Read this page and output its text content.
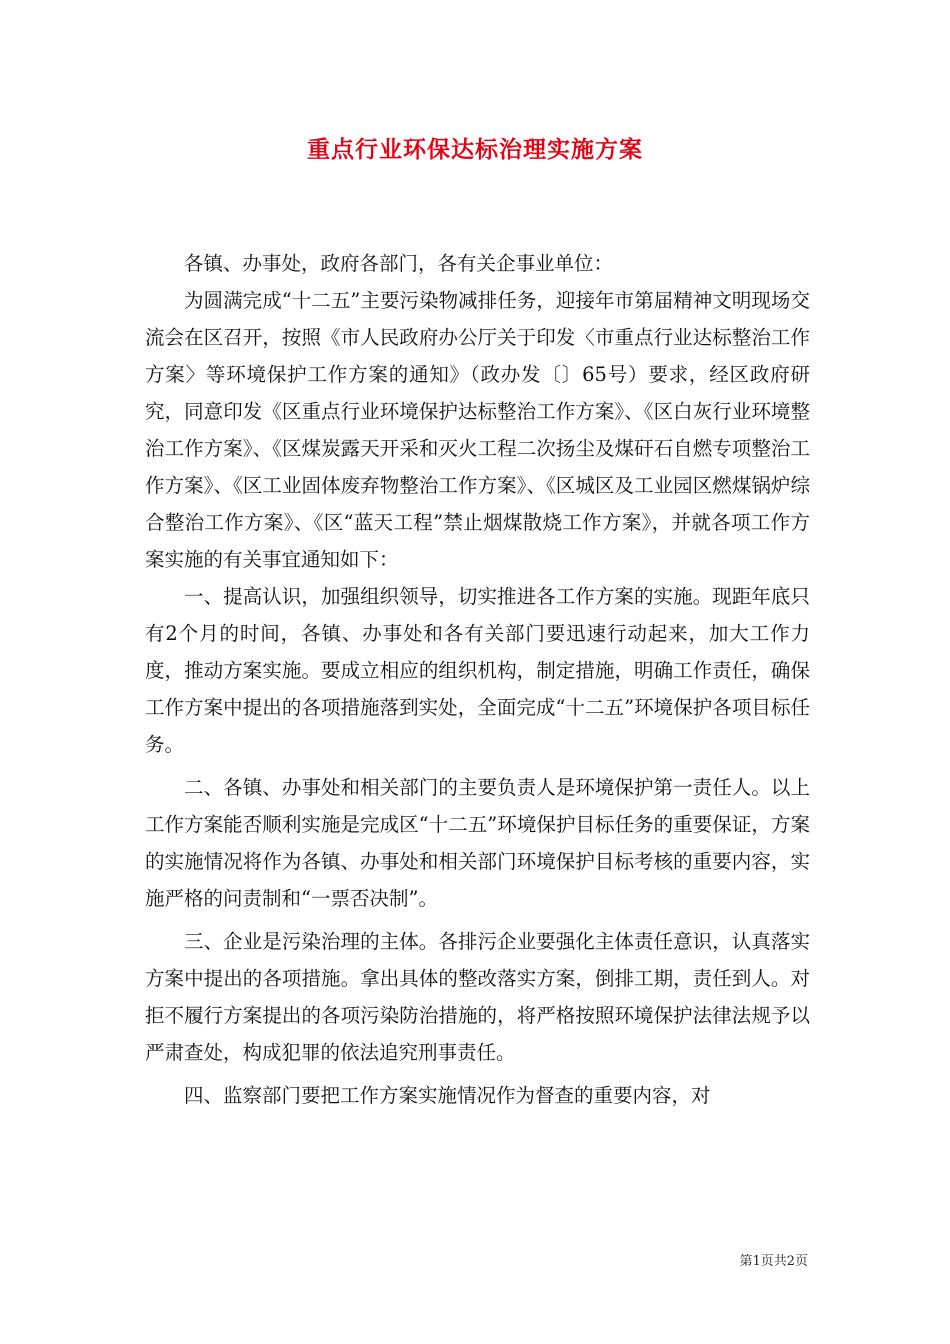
重点行业环保达标治理实施方案

各镇、办事处，政府各部门，各有关企事业单位：

为圆满完成“十二五”主要污染物减排任务，迎接年市第届精神文明现场交流会在区召开，按照《市人民政府办公厅关于印发〈市重点行业达标整治工作方案〉等环境保护工作方案的通知》（政办发〔〕65号）要求，经区政府研究，同意印发《区重点行业环境保护达标整治工作方案》、《区白灰行业环境整治工作方案》、《区煤炭露天开采和灭火工程二次扬尘及煤矸石自燃专项整治工作方案》、《区工业固体废弃物整治工作方案》、《区城区及工业园区燃煤锅炉综合整治工作方案》、《区“蓝天工程”禁止烟煤散烧工作方案》，并就各项工作方案实施的有关事宜通知如下：

一、提高认识，加强组织领导，切实推进各工作方案的实施。现距年底只有2个月的时间，各镇、办事处和各有关部门要迅速行动起来，加大工作力度，推动方案实施。要成立相应的组织机构，制定措施，明确工作责任，确保工作方案中提出的各项措施落到实处，全面完成“十二五”环境保护各项目标任务。

二、各镇、办事处和相关部门的主要负责人是环境保护第一责任人。以上工作方案能否顺利实施是完成区“十二五”环境保护目标任务的重要保证，方案的实施情况将作为各镇、办事处和相关部门环境保护目标考核的重要内容，实施严格的问责制和“一票否决制”。

三、企业是污染治理的主体。各排污企业要强化主体责任意识，认真落实方案中提出的各项措施。拿出具体的整改落实方案，倒排工期，责任到人。对拒不履行方案提出的各项污染防治措施的，将严格按照环境保护法律法规予以严肃查处，构成犯罪的依法追究刑事责任。

四、监察部门要把工作方案实施情况作为督查的重要内容，对

第1页共2页
